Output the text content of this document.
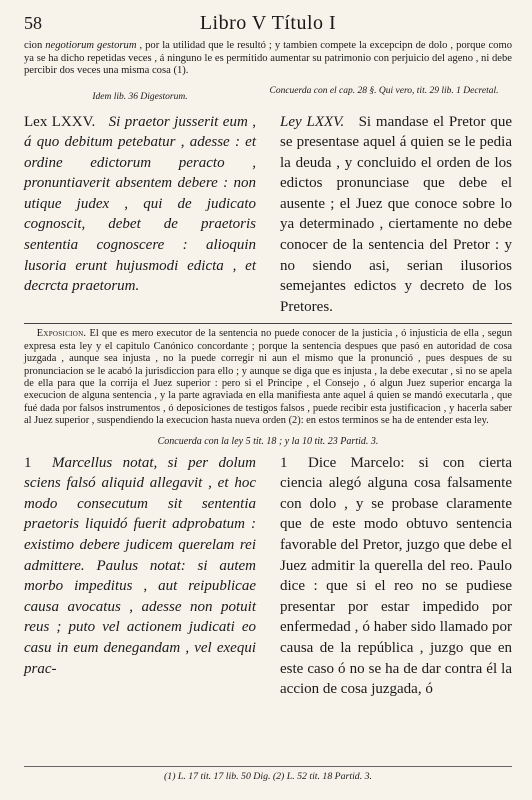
58	Libro V Título I

cion negotiorum gestorum , por la utilidad que le resultó ; y tambien compete la excepcipn de dolo , porque como ya se ha dicho repetidas veces , á ninguno le es permitido aumentar su patrimonio con perjuicio del ageno , ni debe percibir dos veces una misma cosa (1).

Idem lib. 36 Digestorum.
Concuerda con el cap. 28 §. Qui vero, tit. 29 lib. 1 Decretal.
Lex LXXV. Si praetor jusserit eum , á quo debitum petebatur , adesse : et ordine edictorum peracto , pronuntiaverit absentem debere : non utique judex , qui de judicato cognoscit, debet de praetoris sententia cognoscere : alioquin lusoria erunt hujusmodi edicta , et decrcta praetorum.
Ley LXXV. Si mandase el Pretor que se presentase aquel á quien se le pedia la deuda , y concluido el orden de los edictos pronunciase que debe el ausente ; el Juez que conoce sobre lo ya determinado , ciertamente no debe conocer de la sentencia del Pretor : y no siendo asi, serian ilusorios semejantes edictos y decreto de los Pretores.

Exposicion. El que es mero executor de la sentencia no puede conocer de la justicia , ó injusticia de ella , segun expresa esta ley y el capitulo Canónico concordante ; porque la sentencia despues que pasó en autoridad de cosa juzgada , aunque sea injusta , no la puede corregir ni aun el mismo que la pronunció , pues despues de su pronunciacion se le acabó la jurisdiccion para ello ; y aunque se diga que es injusta , la debe executar , si no se apela de ella para que la corrija el Juez superior : pero si el Príncipe , el Consejo , ó algun Juez superior encarga la execucion de alguna sentencia , y la parte agraviada en ella manifiesta ante aquel á quien se mandó executarla , que fué dada por falsos instrumentos , ó deposiciones de testigos falsos , puede recibir esta justificacion , y hacerla saber al Juez superior , suspendiendo la execucion hasta nueva orden (2): en estos terminos se ha de entender esta ley.

Concuerda con la ley 5 tit. 18 ; y la 10 tit. 23 Partid. 3.
1 Marcellus notat, si per dolum sciens falsó aliquid allegavit , et hoc modo consecutum sit sententia praetoris liquidó fuerit adprobatum : existimo debere judicem querelam rei admittere. Paulus notat: si autem morbo impeditus , aut reipublicae causa avocatus , adesse non potuit reus ; puto vel actionem judicati eo casu in eum denegandam , vel exequi prac-
1 Dice Marcelo: si con cierta ciencia alegó alguna cosa falsamente con dolo , y se probase claramente que de este modo obtuvo sentencia favorable del Pretor, juzgo que debe el Juez admitir la querella del reo. Paulo dice : que si el reo no se pudiese presentar por estar impedido por enfermedad , ó haber sido llamado por causa de la república , juzgo que en este caso ó no se ha de dar contra él la accion de cosa juzgada, ó
(1) L. 17 tit. 17 lib. 50 Dig. (2) L. 52 tit. 18 Partid. 3.
